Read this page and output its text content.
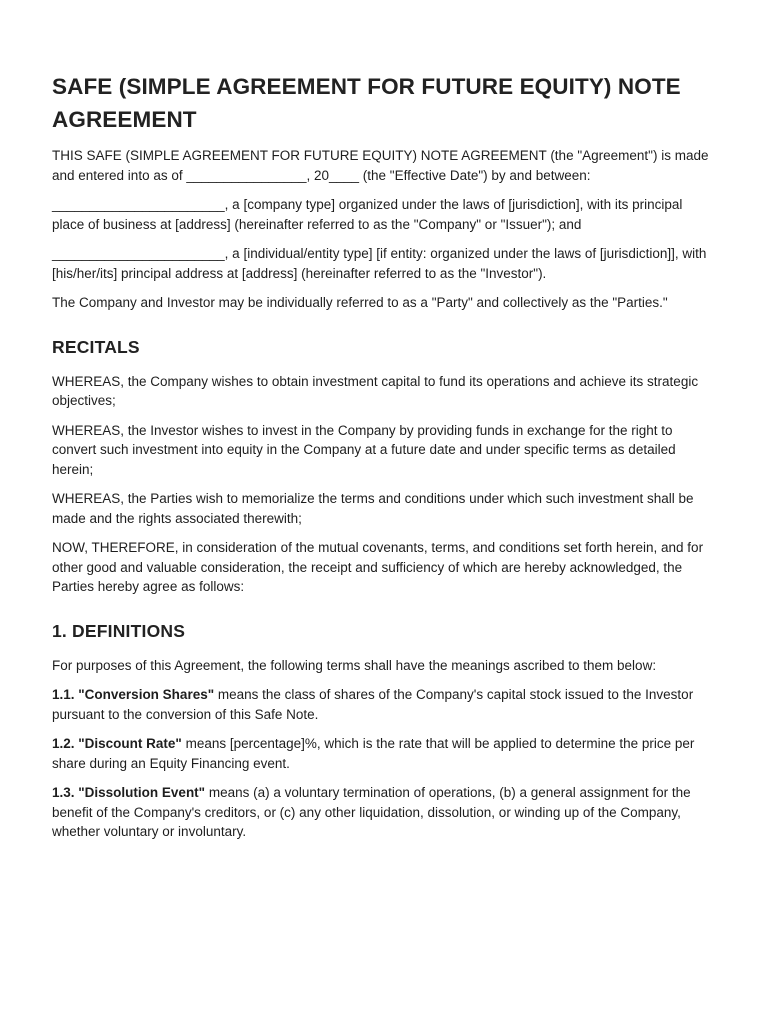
SAFE (SIMPLE AGREEMENT FOR FUTURE EQUITY) NOTE AGREEMENT

THIS SAFE (SIMPLE AGREEMENT FOR FUTURE EQUITY) NOTE AGREEMENT (the "Agreement") is made and entered into as of ________________, 20____ (the "Effective Date") by and between:

_______________________, a [company type] organized under the laws of [jurisdiction], with its principal place of business at [address] (hereinafter referred to as the "Company" or "Issuer"); and

_______________________, a [individual/entity type] [if entity: organized under the laws of [jurisdiction]], with [his/her/its] principal address at [address] (hereinafter referred to as the "Investor").

The Company and Investor may be individually referred to as a "Party" and collectively as the "Parties."

RECITALS

WHEREAS, the Company wishes to obtain investment capital to fund its operations and achieve its strategic objectives;

WHEREAS, the Investor wishes to invest in the Company by providing funds in exchange for the right to convert such investment into equity in the Company at a future date and under specific terms as detailed herein;

WHEREAS, the Parties wish to memorialize the terms and conditions under which such investment shall be made and the rights associated therewith;

NOW, THEREFORE, in consideration of the mutual covenants, terms, and conditions set forth herein, and for other good and valuable consideration, the receipt and sufficiency of which are hereby acknowledged, the Parties hereby agree as follows:

1. DEFINITIONS

For purposes of this Agreement, the following terms shall have the meanings ascribed to them below:

1.1. "Conversion Shares" means the class of shares of the Company's capital stock issued to the Investor pursuant to the conversion of this Safe Note.

1.2. "Discount Rate" means [percentage]%, which is the rate that will be applied to determine the price per share during an Equity Financing event.

1.3. "Dissolution Event" means (a) a voluntary termination of operations, (b) a general assignment for the benefit of the Company's creditors, or (c) any other liquidation, dissolution, or winding up of the Company, whether voluntary or involuntary.
